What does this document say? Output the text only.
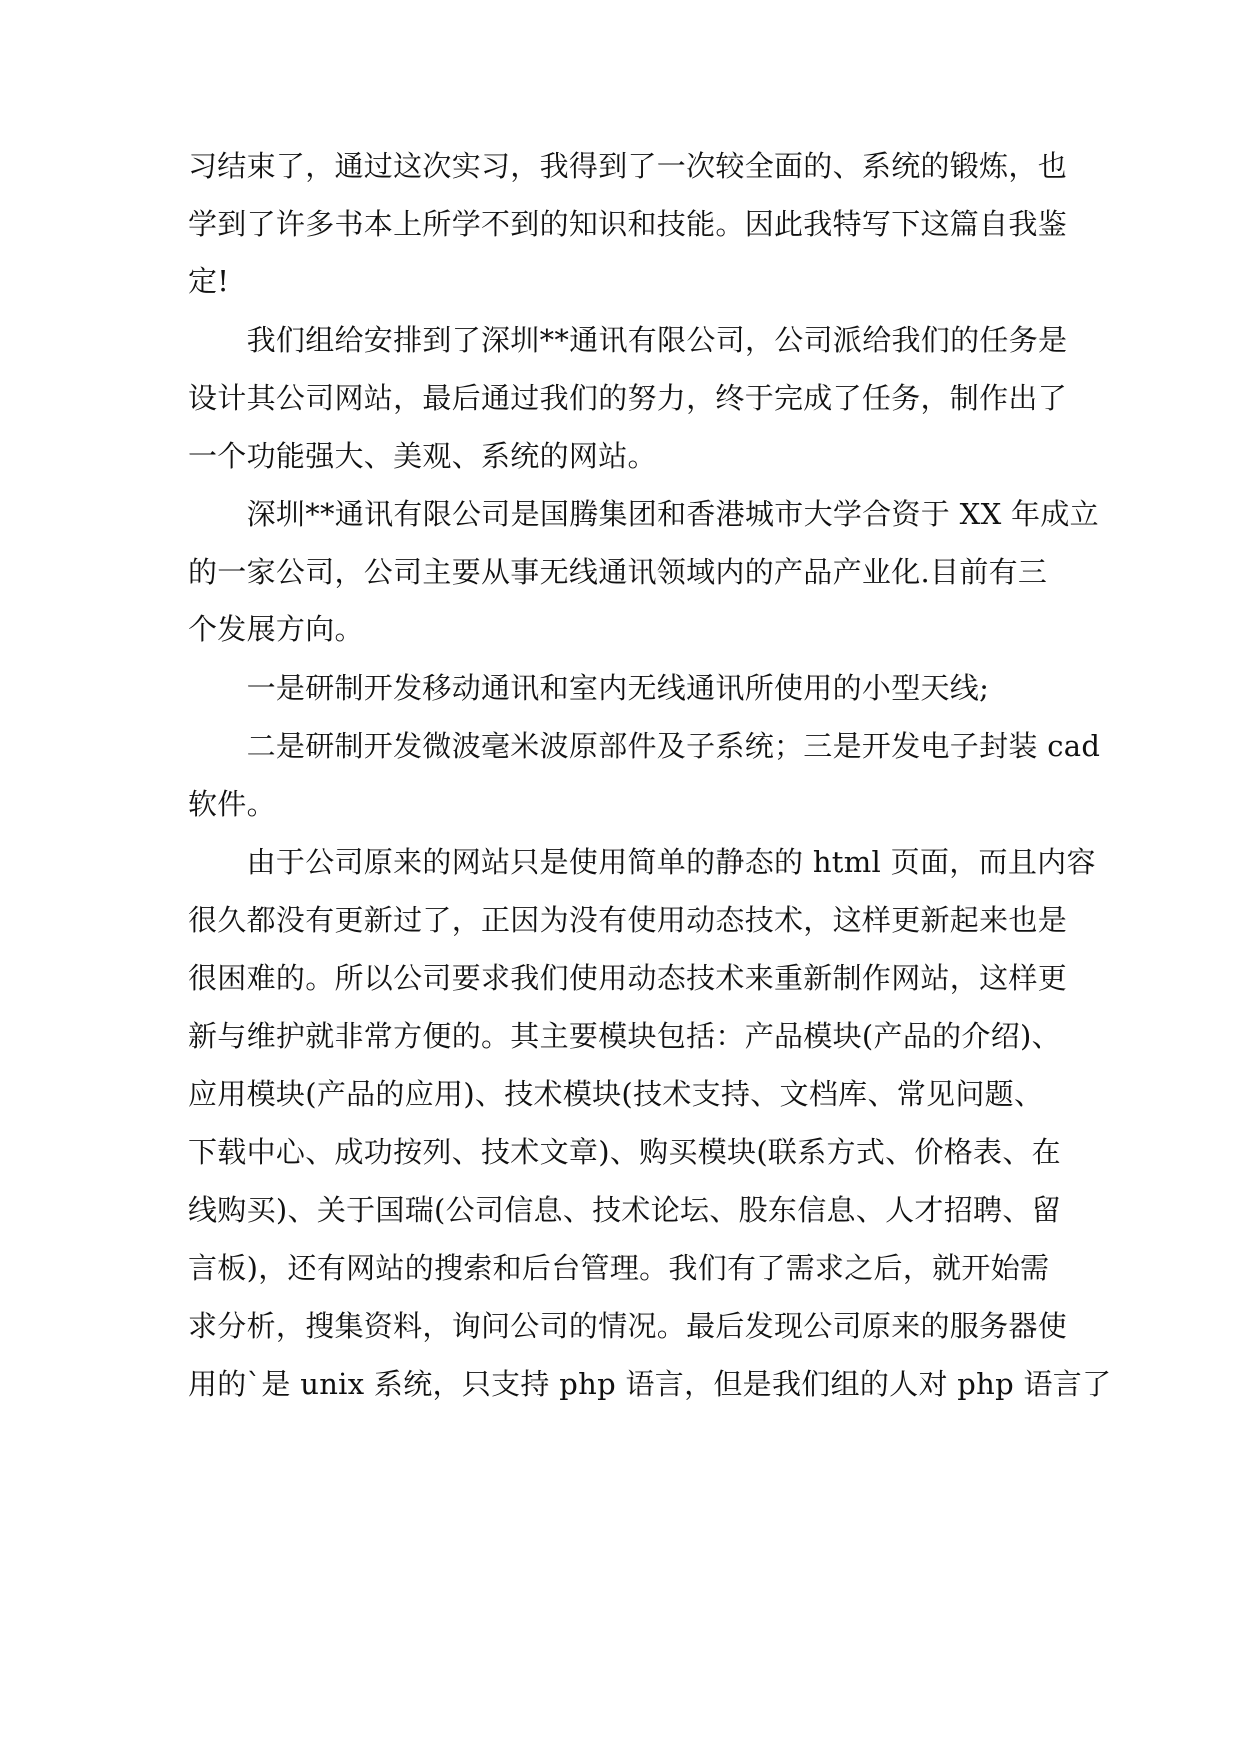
习结束了，通过这次实习，我得到了一次较全面的、系统的锻炼，也
学到了许多书本上所学不到的知识和技能。因此我特写下这篇自我鉴
定!
　　我们组给安排到了深圳**通讯有限公司，公司派给我们的任务是
设计其公司网站，最后通过我们的努力，终于完成了任务，制作出了
一个功能强大、美观、系统的网站。
　　深圳**通讯有限公司是国腾集团和香港城市大学合资于 XX 年成立
的一家公司，公司主要从事无线通讯领域内的产品产业化.目前有三
个发展方向。
　　一是研制开发移动通讯和室内无线通讯所使用的小型天线;
　　二是研制开发微波毫米波原部件及子系统；三是开发电子封装 cad
软件。
　　由于公司原来的网站只是使用简单的静态的 html 页面，而且内容
很久都没有更新过了，正因为没有使用动态技术，这样更新起来也是
很困难的。所以公司要求我们使用动态技术来重新制作网站，这样更
新与维护就非常方便的。其主要模块包括：产品模块(产品的介绍)、
应用模块(产品的应用)、技术模块(技术支持、文档库、常见问题、
下载中心、成功按列、技术文章)、购买模块(联系方式、价格表、在
线购买)、关于国瑞(公司信息、技术论坛、股东信息、人才招聘、留
言板)，还有网站的搜索和后台管理。我们有了需求之后，就开始需
求分析，搜集资料，询问公司的情况。最后发现公司原来的服务器使
用的`是 unix 系统，只支持 php 语言，但是我们组的人对 php 语言了
